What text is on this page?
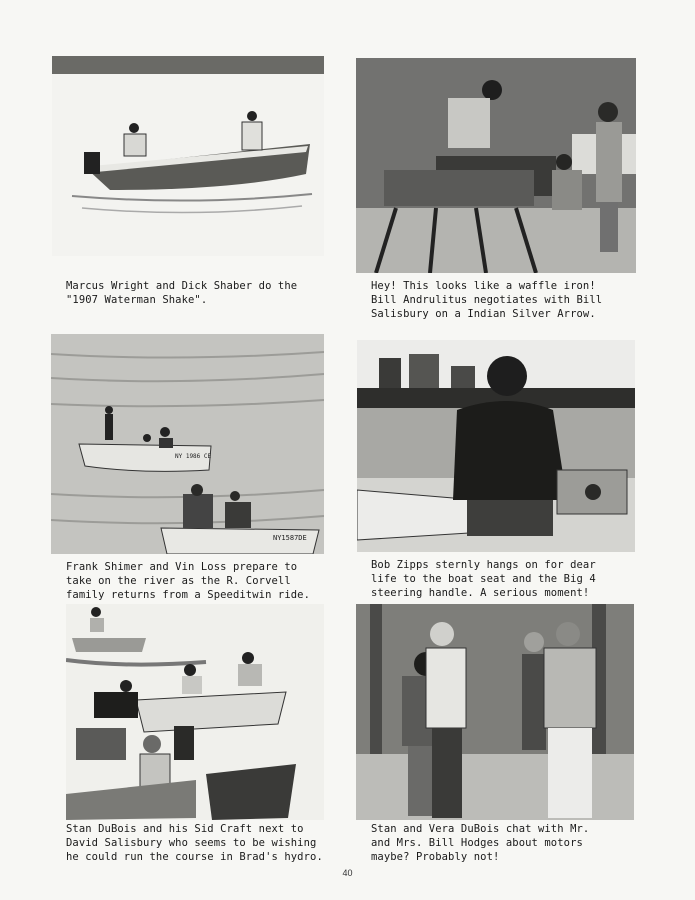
Marcus Wright and Dick Shaber do the
"1907 Waterman Shake".
Hey! This looks like a waffle iron!
Bill Andrulitus negotiates with Bill
Salisbury on a Indian Silver Arrow.
NY 1986 CE
NY1587DE
Frank Shimer and Vin Loss prepare to
take on the river as the R. Corvell
family returns from a Speeditwin ride.
Bob Zipps sternly hangs on for dear
life to the boat seat and the Big 4
steering handle. A serious moment!
Stan DuBois and his Sid Craft next to
David Salisbury who seems to be wishing
he could run the course in Brad's hydro.
Stan and Vera DuBois chat with Mr.
and Mrs. Bill Hodges about motors
maybe? Probably not!
40
